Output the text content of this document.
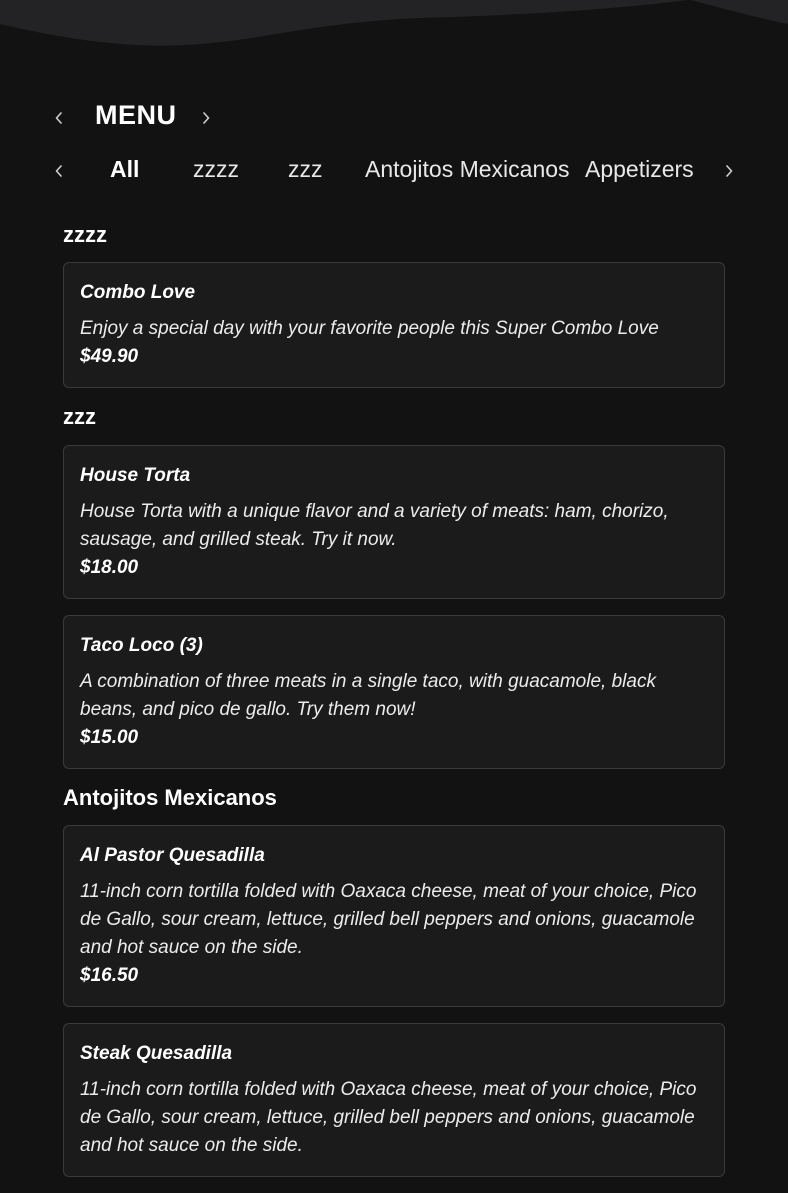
MENU
All zzzz zzz Antojitos Mexicanos Appetizers
zzzz
Combo Love
Enjoy a special day with your favorite people this Super Combo Love
$49.90
zzz
House Torta
House Torta with a unique flavor and a variety of meats: ham, chorizo, sausage, and grilled steak. Try it now.
$18.00
Taco Loco (3)
A combination of three meats in a single taco, with guacamole, black beans, and pico de gallo. Try them now!
$15.00
Antojitos Mexicanos
Al Pastor Quesadilla
11-inch corn tortilla folded with Oaxaca cheese, meat of your choice, Pico de Gallo, sour cream, lettuce, grilled bell peppers and onions, guacamole and hot sauce on the side.
$16.50
Steak Quesadilla
11-inch corn tortilla folded with Oaxaca cheese, meat of your choice, Pico de Gallo, sour cream, lettuce, grilled bell peppers and onions, guacamole and hot sauce on the side.
